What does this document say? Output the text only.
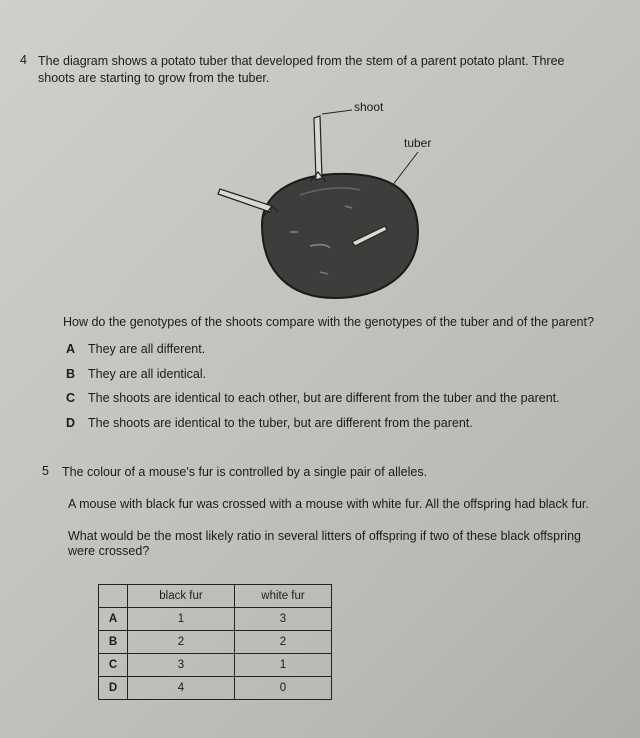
4 The diagram shows a potato tuber that developed from the stem of a parent potato plant. Three
shoots are starting to grow from the tuber.
shoot
tuber
How do the genotypes of the shoots compare with the genotypes of the tuber and of the parent?
A They are all different.
B They are all identical.
C The shoots are identical to each other, but are different from the tuber and the parent.
D The shoots are identical to the tuber, but are different from the parent.
5 The colour of a mouse's fur is controlled by a single pair of alleles.
A mouse with black fur was crossed with a mouse with white fur. All the offspring had black fur.
What would be the most likely ratio in several litters of offspring if two of these black offspring
were crossed?
	black fur	white fur
A	1	3
B	2	2
C	3	1
D	4	0
